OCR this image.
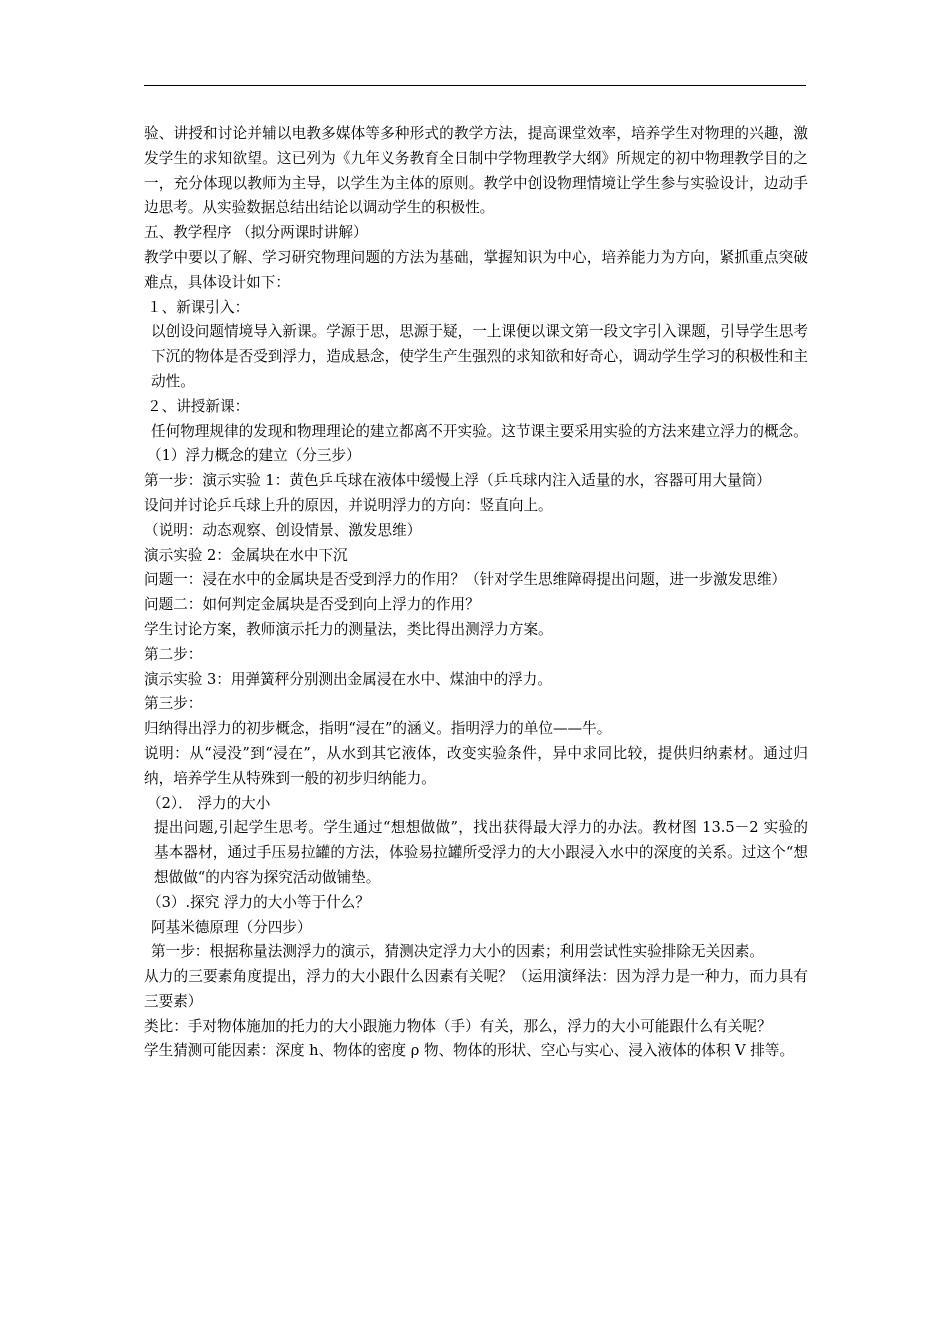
验、讲授和讨论并辅以电教多媒体等多种形式的教学方法，提高课堂效率，培养学生对物理的兴趣，激发学生的求知欲望。这已列为《九年义务教育全日制中学物理教学大纲》所规定的初中物理教学目的之一，充分体现以教师为主导，以学生为主体的原则。教学中创设物理情境让学生参与实验设计，边动手边思考。从实验数据总结出结论以调动学生的积极性。

五、教学程序 （拟分两课时讲解）

教学中要以了解、学习研究物理问题的方法为基础，掌握知识为中心，培养能力为方向，紧抓重点突破难点，具体设计如下：

１、新课引入：

以创设问题情境导入新课。学源于思，思源于疑，一上课便以课文第一段文字引入课题，引导学生思考下沉的物体是否受到浮力，造成悬念，使学生产生强烈的求知欲和好奇心，调动学生学习的积极性和主动性。

２、讲授新课：

任何物理规律的发现和物理理论的建立都离不开实验。这节课主要采用实验的方法来建立浮力的概念。

（1）浮力概念的建立（分三步）

第一步：演示实验 1：黄色乒乓球在液体中缓慢上浮（乒乓球内注入适量的水，容器可用大量筒）

设问并讨论乒乓球上升的原因，并说明浮力的方向：竖直向上。

（说明：动态观察、创设情景、激发思维）

演示实验 2：金属块在水中下沉

问题一：浸在水中的金属块是否受到浮力的作用？（针对学生思维障碍提出问题，进一步激发思维）

问题二：如何判定金属块是否受到向上浮力的作用？

学生讨论方案，教师演示托力的测量法，类比得出测浮力方案。

第二步：

演示实验 3：用弹簧秤分别测出金属浸在水中、煤油中的浮力。

第三步：

归纳得出浮力的初步概念，指明“浸在”的涵义。指明浮力的单位——牛。

说明：从“浸没”到“浸在”，从水到其它液体，改变实验条件，异中求同比较，提供归纳素材。通过归纳，培养学生从特殊到一般的初步归纳能力。

（2）． 浮力的大小

提出问题,引起学生思考。学生通过“想想做做”，找出获得最大浮力的办法。教材图 13.5－2 实验的基本器材，通过手压易拉罐的方法，体验易拉罐所受浮力的大小跟浸入水中的深度的关系。过这个“想想做做“的内容为探究活动做铺垫。

（3）.探究 浮力的大小等于什么？

阿基米德原理（分四步）

第一步：根据称量法测浮力的演示，猜测决定浮力大小的因素；利用尝试性实验排除无关因素。

从力的三要素角度提出，浮力的大小跟什么因素有关呢？（运用演绎法：因为浮力是一种力，而力具有三要素）

类比：手对物体施加的托力的大小跟施力物体（手）有关，那么，浮力的大小可能跟什么有关呢？

学生猜测可能因素：深度 h、物体的密度 ρ 物、物体的形状、空心与实心、浸入液体的体积 V 排等。
